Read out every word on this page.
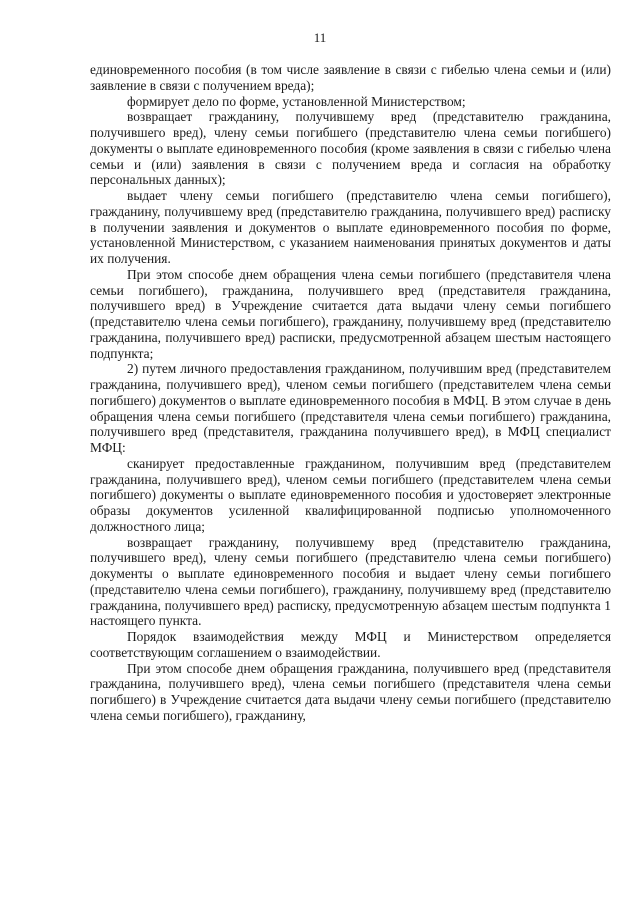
11

единовременного пособия (в том числе заявление в связи с гибелью члена семьи и (или) заявление в связи с получением вреда);

формирует дело по форме, установленной Министерством;

возвращает гражданину, получившему вред (представителю гражданина, получившего вред), члену семьи погибшего (представителю члена семьи погибшего) документы о выплате единовременного пособия (кроме заявления в связи с гибелью члена семьи и (или) заявления в связи с получением вреда и согласия на обработку персональных данных);

выдает члену семьи погибшего (представителю члена семьи погибшего), гражданину, получившему вред (представителю гражданина, получившего вред) расписку в получении заявления и документов о выплате единовременного пособия по форме, установленной Министерством, с указанием наименования принятых документов и даты их получения.

При этом способе днем обращения члена семьи погибшего (представителя члена семьи погибшего), гражданина, получившего вред (представителя гражданина, получившего вред) в Учреждение считается дата выдачи члену семьи погибшего (представителю члена семьи погибшего), гражданину, получившему вред (представителю гражданина, получившего вред) расписки, предусмотренной абзацем шестым настоящего подпункта;

2) путем личного предоставления гражданином, получившим вред (представителем гражданина, получившего вред), членом семьи погибшего (представителем члена семьи погибшего) документов о выплате единовременного пособия в МФЦ. В этом случае в день обращения члена семьи погибшего (представителя члена семьи погибшего) гражданина, получившего вред (представителя, гражданина получившего вред), в МФЦ специалист МФЦ:

сканирует предоставленные гражданином, получившим вред (представителем гражданина, получившего вред), членом семьи погибшего (представителем члена семьи погибшего) документы о выплате единовременного пособия и удостоверяет электронные образы документов усиленной квалифицированной подписью уполномоченного должностного лица;

возвращает гражданину, получившему вред (представителю гражданина, получившего вред), члену семьи погибшего (представителю члена семьи погибшего) документы о выплате единовременного пособия и выдает члену семьи погибшего (представителю члена семьи погибшего), гражданину, получившему вред (представителю гражданина, получившего вред) расписку, предусмотренную абзацем шестым подпункта 1 настоящего пункта.

Порядок взаимодействия между МФЦ и Министерством определяется соответствующим соглашением о взаимодействии.

При этом способе днем обращения гражданина, получившего вред (представителя гражданина, получившего вред), члена семьи погибшего (представителя члена семьи погибшего) в Учреждение считается дата выдачи члену семьи погибшего (представителю члена семьи погибшего), гражданину,
